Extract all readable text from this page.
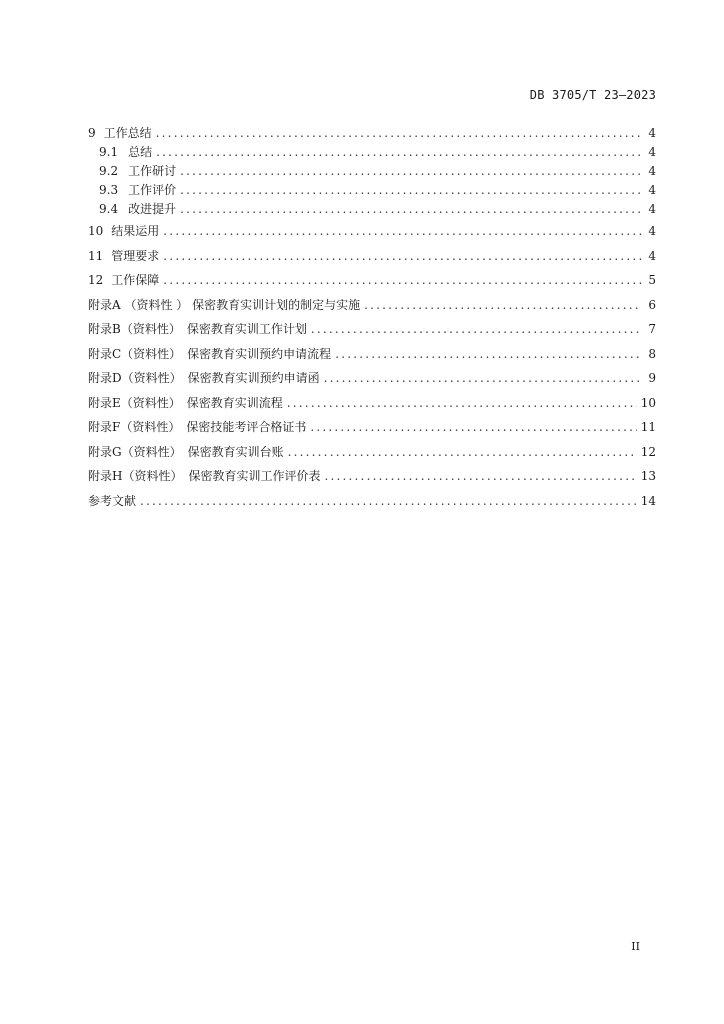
DB 3705/T 23—2023
9 工作总结 .....	4
9.1 总结 .....	4
9.2 工作研讨 .....	4
9.3 工作评价 .....	4
9.4 改进提升 .....	4
10 结果运用 .....	4
11 管理要求 .....	4
12 工作保障 .....	5
附录A （资料性 ） 保密教育实训计划的制定与实施 .....	6
附录B（资料性）　保密教育实训工作计划 .....	7
附录C（资料性）　保密教育实训预约申请流程 .....	8
附录D（资料性）　保密教育实训预约申请函 .....	9
附录E（资料性）　保密教育实训流程 .....	10
附录F（资料性）　保密技能考评合格证书 .....	11
附录G（资料性）　保密教育实训台账 .....	12
附录H（资料性）　保密教育实训工作评价表 .....	13
参考文献 .....	14
II
